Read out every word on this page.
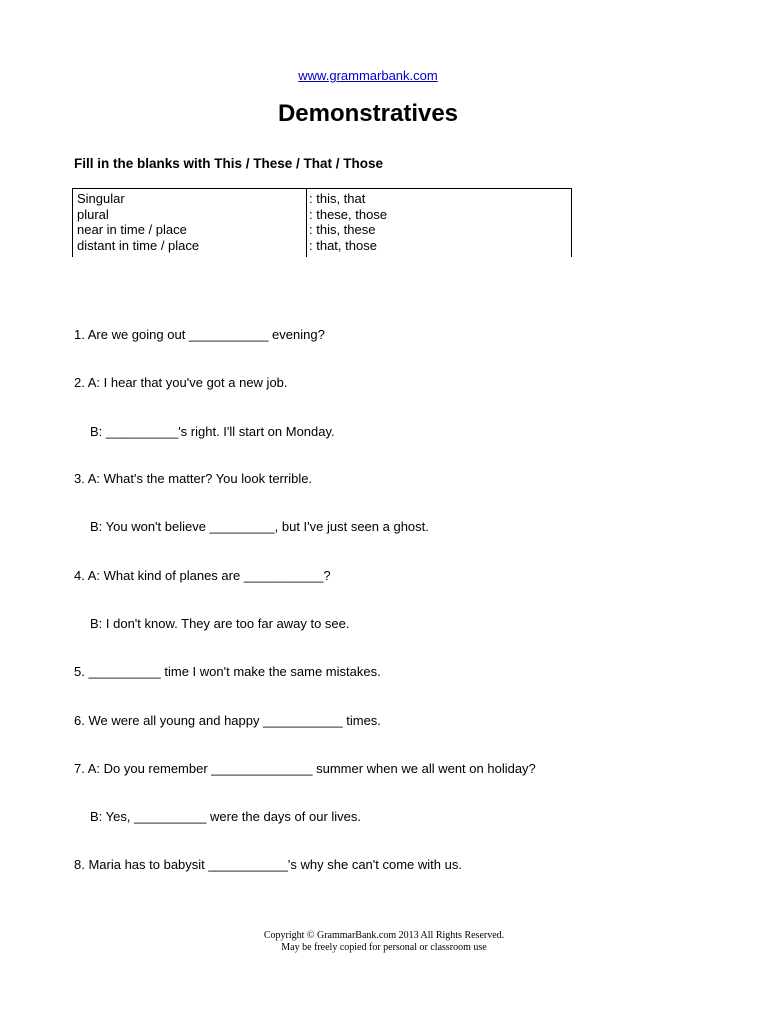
www.grammarbank.com
Demonstratives
Fill in the blanks with This / These / That / Those
Singular	: this, that
plural	: these, those
near in time / place	: this, these
distant in time / place	: that, those
1. Are we going out ___________ evening?
2. A: I hear that you've got a new job.
B: __________'s right. I'll start on Monday.
3. A: What's the matter? You look terrible.
B: You won't believe _________, but I've just seen a ghost.
4. A: What kind of planes are ___________?
B: I don't know. They are too far away to see.
5. __________ time I won't make the same mistakes.
6. We were all young and happy ___________ times.
7. A: Do you remember ______________ summer when we all went on holiday?
B: Yes, __________ were the days of our lives.
8. Maria has to babysit ___________'s why she can't come with us.
Copyright © GrammarBank.com 2013 All Rights Reserved.
May be freely copied for personal or classroom use
